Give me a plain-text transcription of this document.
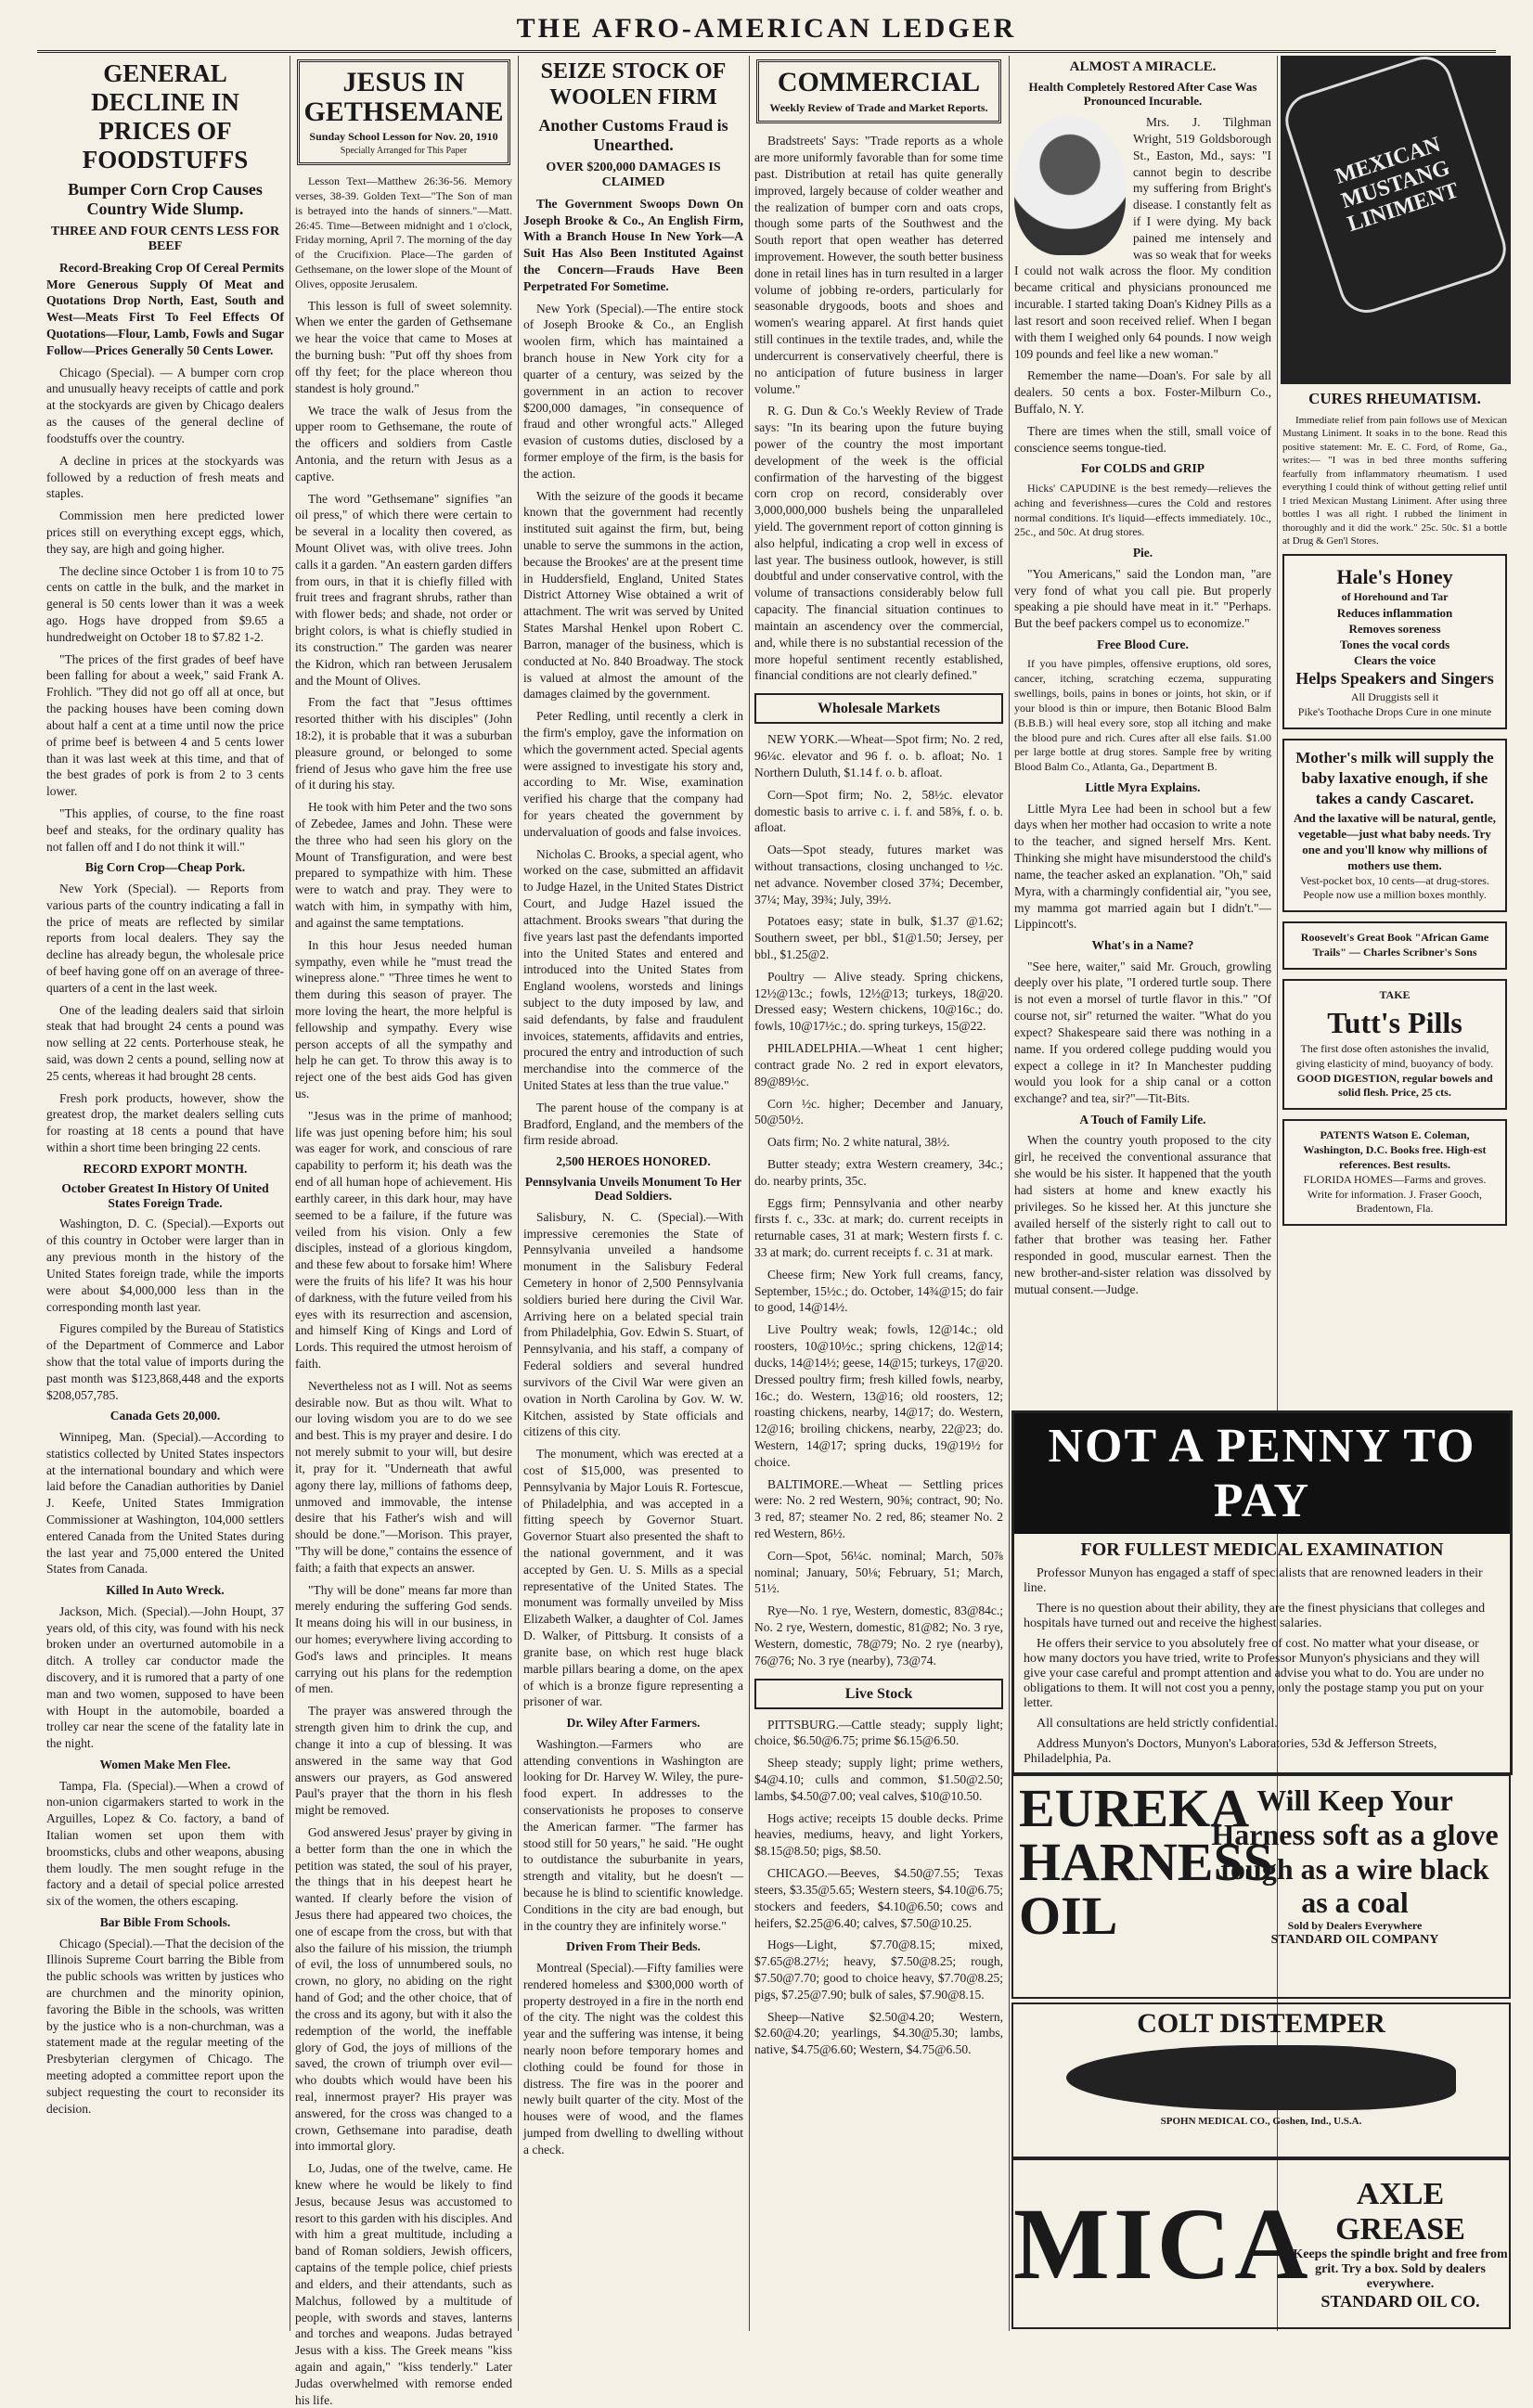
THE AFRO-AMERICAN LEDGER
GENERAL DECLINE IN PRICES OF FOODSTUFFS
Bumper Corn Crop Causes Country Wide Slump.
THREE AND FOUR CENTS LESS FOR BEEF

Record-Breaking Crop Of Cereal Permits More Generous Supply Of Meat and Quotations Drop North, East, South and West—Meats First To Feel Effects Of Quotations—Flour, Lamb, Fowls and Sugar Follow—Prices Generally 50 Cents Lower.

Chicago (Special). — A bumper corn crop and unusually heavy receipts of cattle and pork at the stockyards are given by Chicago dealers as the causes of the general decline of foodstuffs over the country.

A decline in prices at the stockyards was followed by a reduction of fresh meats and staples.

Commission men here predicted lower prices still on everything except eggs, which, they say, are high and going higher.

The decline since October 1 is from 10 to 75 cents on cattle in the bulk, and the market in general is 50 cents lower than it was a week ago. Hogs have dropped from $9.65 a hundredweight on October 18 to $7.82 1-2.

"The prices of the first grades of beef have been falling for about a week," said Frank A. Frohlich. "They did not go off all at once, but the packing houses have been coming down about half a cent at a time until now the price of prime beef is between 4 and 5 cents lower than it was last week at this time, and that of the best grades of pork is from 2 to 3 cents lower.

"This applies, of course, to the fine roast beef and steaks, for the ordinary quality has not fallen off and I do not think it will."

Big Corn Crop—Cheap Pork.

New York (Special). — Reports from various parts of the country indicating a fall in the price of meats are reflected by similar reports from local dealers. They say the decline has already begun, the wholesale price of beef having gone off on an average of three-quarters of a cent in the last week.

One of the leading dealers said that sirloin steak that had brought 24 cents a pound was now selling at 22 cents. Porterhouse steak, he said, was down 2 cents a pound, selling now at 25 cents, whereas it had brought 28 cents.

Fresh pork products, however, show the greatest drop, the market dealers selling cuts for roasting at 18 cents a pound that have within a short time been bringing 22 cents.

RECORD EXPORT MONTH.
October Greatest In History Of United States Foreign Trade.

Washington, D. C. (Special).—Exports out of this country in October were larger than in any previous month in the history of the United States foreign trade, while the imports were about $4,000,000 less than in the corresponding month last year.

Figures compiled by the Bureau of Statistics of the Department of Commerce and Labor show that the total value of imports during the past month was $123,868,448 and the exports $208,057,785.

Canada Gets 20,000.

Winnipeg, Man. (Special).—According to statistics collected by United States inspectors at the international boundary and which were laid before the Canadian authorities by Daniel J. Keefe, United States Immigration Commissioner at Washington, 104,000 settlers entered Canada from the United States during the last year and 75,000 entered the United States from Canada.

Killed In Auto Wreck.

Jackson, Mich. (Special).—John Houpt, 37 years old, of this city, was found with his neck broken under an overturned automobile in a ditch. A trolley car conductor made the discovery, and it is rumored that a party of one man and two women, supposed to have been with Houpt in the automobile, boarded a trolley car near the scene of the fatality late in the night.

Women Make Men Flee.

Tampa, Fla. (Special).—When a crowd of non-union cigarmakers started to work in the Arguilles, Lopez & Co. factory, a band of Italian women set upon them with broomsticks, clubs and other weapons, abusing them loudly. The men sought refuge in the factory and a detail of special police arrested six of the women, the others escaping.

Bar Bible From Schools.

Chicago (Special).—That the decision of the Illinois Supreme Court barring the Bible from the public schools was written by justices who are churchmen and the minority opinion, favoring the Bible in the schools, was written by the justice who is a non-churchman, was a statement made at the regular meeting of the Presbyterian clergymen of Chicago. The meeting adopted a committee report upon the subject requesting the court to reconsider its decision.

JESUS IN GETHSEMANE
Sunday School Lesson for Nov. 20, 1910
Specially Arranged for This Paper

Lesson Text—Matthew 26:36-56. Memory verses, 38-39. Golden Text—"The Son of man is betrayed into the hands of sinners."—Matt. 26:45. Time—Between midnight and 1 o'clock, Friday morning, April 7. The morning of the day of the Crucifixion. Place—The garden of Gethsemane, on the lower slope of the Mount of Olives, opposite Jerusalem.

This lesson is full of sweet solemnity. When we enter the garden of Gethsemane we hear the voice that came to Moses at the burning bush: "Put off thy shoes from off thy feet; for the place whereon thou standest is holy ground."

We trace the walk of Jesus from the upper room to Gethsemane, the route of the officers and soldiers from Castle Antonia, and the return with Jesus as a captive.

The word "Gethsemane" signifies "an oil press," of which there were certain to be several in a locality then covered, as Mount Olivet was, with olive trees. John calls it a garden. "An eastern garden differs from ours, in that it is chiefly filled with fruit trees and fragrant shrubs, rather than with flower beds; and shade, not order or bright colors, is what is chiefly studied in its construction." The garden was nearer the Kidron, which ran between Jerusalem and the Mount of Olives.

From the fact that "Jesus ofttimes resorted thither with his disciples" (John 18:2), it is probable that it was a suburban pleasure ground, or belonged to some friend of Jesus who gave him the free use of it during his stay.

He took with him Peter and the two sons of Zebedee, James and John. These were the three who had seen his glory on the Mount of Transfiguration, and were best prepared to sympathize with him. These were to watch and pray. They were to watch with him, in sympathy with him, and against the same temptations.

In this hour Jesus needed human sympathy, even while he "must tread the winepress alone." "Three times he went to them during this season of prayer. The more loving the heart, the more helpful is fellowship and sympathy. Every wise person accepts of all the sympathy and help he can get. To throw this away is to reject one of the best aids God has given us.

"Jesus was in the prime of manhood; life was just opening before him; his soul was eager for work, and conscious of rare capability to perform it; his death was the end of all human hope of achievement. His earthly career, in this dark hour, may have seemed to be a failure, if the future was veiled from his vision. Only a few disciples, instead of a glorious kingdom, and these few about to forsake him! Where were the fruits of his life? It was his hour of darkness, with the future veiled from his eyes with its resurrection and ascension, and himself King of Kings and Lord of Lords. This required the utmost heroism of faith.

Nevertheless not as I will. Not as seems desirable now. But as thou wilt. What to our loving wisdom you are to do we see and best. This is my prayer and desire. I do not merely submit to your will, but desire it, pray for it. "Underneath that awful agony there lay, millions of fathoms deep, unmoved and immovable, the intense desire that his Father's wish and will should be done."—Morison. This prayer, "Thy will be done," contains the essence of faith; a faith that expects an answer.

"Thy will be done" means far more than merely enduring the suffering God sends. It means doing his will in our business, in our homes; everywhere living according to God's laws and principles. It means carrying out his plans for the redemption of men.

The prayer was answered through the strength given him to drink the cup, and change it into a cup of blessing. It was answered in the same way that God answers our prayers, as God answered Paul's prayer that the thorn in his flesh might be removed.

God answered Jesus' prayer by giving in a better form than the one in which the petition was stated, the soul of his prayer, the things that in his deepest heart he wanted. If clearly before the vision of Jesus there had appeared two choices, the one of escape from the cross, but with that also the failure of his mission, the triumph of evil, the loss of unnumbered souls, no crown, no glory, no abiding on the right hand of God; and the other choice, that of the cross and its agony, but with it also the redemption of the world, the ineffable glory of God, the joys of millions of the saved, the crown of triumph over evil—who doubts which would have been his real, innermost prayer? His prayer was answered, for the cross was changed to a crown, Gethsemane into paradise, death into immortal glory.

Lo, Judas, one of the twelve, came. He knew where he would be likely to find Jesus, because Jesus was accustomed to resort to this garden with his disciples. And with him a great multitude, including a band of Roman soldiers, Jewish officers, captains of the temple police, chief priests and elders, and their attendants, such as Malchus, followed by a multitude of people, with swords and staves, lanterns and torches and weapons. Judas betrayed Jesus with a kiss. The Greek means "kiss again and again," "kiss tenderly." Later Judas overwhelmed with remorse ended his life.

SEIZE STOCK OF WOOLEN FIRM
Another Customs Fraud is Unearthed.
OVER $200,000 DAMAGES IS CLAIMED

The Government Swoops Down On Joseph Brooke & Co., An English Firm, With a Branch House In New York—A Suit Has Also Been Instituted Against the Concern—Frauds Have Been Perpetrated For Sometime.

New York (Special).—The entire stock of Joseph Brooke & Co., an English woolen firm, which has maintained a branch house in New York city for a quarter of a century, was seized by the government in an action to recover $200,000 damages, "in consequence of fraud and other wrongful acts." Alleged evasion of customs duties, disclosed by a former employe of the firm, is the basis for the action.

With the seizure of the goods it became known that the government had recently instituted suit against the firm, but, being unable to serve the summons in the action, because the Brookes' are at the present time in Huddersfield, England, United States District Attorney Wise obtained a writ of attachment. The writ was served by United States Marshal Henkel upon Robert C. Barron, manager of the business, which is conducted at No. 840 Broadway. The stock is valued at almost the amount of the damages claimed by the government.

Peter Redling, until recently a clerk in the firm's employ, gave the information on which the government acted. Special agents were assigned to investigate his story and, according to Mr. Wise, examination verified his charge that the company had for years cheated the government by undervaluation of goods and false invoices.

Nicholas C. Brooks, a special agent, who worked on the case, submitted an affidavit to Judge Hazel, in the United States District Court, and Judge Hazel issued the attachment. Brooks swears "that during the five years last past the defendants imported into the United States and entered and introduced into the United States from England woolens, worsteds and linings subject to the duty imposed by law, and said defendants, by false and fraudulent invoices, statements, affidavits and entries, procured the entry and introduction of such merchandise into the commerce of the United States at less than the true value."

The parent house of the company is at Bradford, England, and the members of the firm reside abroad.

2,500 HEROES HONORED.
Pennsylvania Unveils Monument To Her Dead Soldiers.

Salisbury, N. C. (Special).—With impressive ceremonies the State of Pennsylvania unveiled a handsome monument in the Salisbury Federal Cemetery in honor of 2,500 Pennsylvania soldiers buried here during the Civil War. Arriving here on a belated special train from Philadelphia, Gov. Edwin S. Stuart, of Pennsylvania, and his staff, a company of Federal soldiers and several hundred survivors of the Civil War were given an ovation in North Carolina by Gov. W. W. Kitchen, assisted by State officials and citizens of this city.

The monument, which was erected at a cost of $15,000, was presented to Pennsylvania by Major Louis R. Fortescue, of Philadelphia, and was accepted in a fitting speech by Governor Stuart. Governor Stuart also presented the shaft to the national government, and it was accepted by Gen. U. S. Mills as a special representative of the United States. The monument was formally unveiled by Miss Elizabeth Walker, a daughter of Col. James D. Walker, of Pittsburg. It consists of a granite base, on which rest huge black marble pillars bearing a dome, on the apex of which is a bronze figure representing a prisoner of war.

Dr. Wiley After Farmers.

Washington.—Farmers who are attending conventions in Washington are looking for Dr. Harvey W. Wiley, the pure-food expert. In addresses to the conservationists he proposes to conserve the American farmer. "The farmer has stood still for 50 years," he said. "He ought to outdistance the suburbanite in years, strength and vitality, but he doesn't —because he is blind to scientific knowledge. Conditions in the city are bad enough, but in the country they are infinitely worse."

Driven From Their Beds.

Montreal (Special).—Fifty families were rendered homeless and $300,000 worth of property destroyed in a fire in the north end of the city. The night was the coldest this year and the suffering was intense, it being nearly noon before temporary homes and clothing could be found for those in distress. The fire was in the poorer and newly built quarter of the city. Most of the houses were of wood, and the flames jumped from dwelling to dwelling without a check.

COMMERCIAL
Weekly Review of Trade and Market Reports.

Bradstreets' Says: "Trade reports as a whole are more uniformly favorable than for some time past. Distribution at retail has quite generally improved, largely because of colder weather and the realization of bumper corn and oats crops, though some parts of the Southwest and the South report that open weather has deterred improvement. However, the south better business done in retail lines has in turn resulted in a larger volume of jobbing re-orders, particularly for seasonable drygoods, boots and shoes and women's wearing apparel. At first hands quiet still continues in the textile trades, and, while the undercurrent is conservatively cheerful, there is no anticipation of future business in larger volume."

R. G. Dun & Co.'s Weekly Review of Trade says: "In its bearing upon the future buying power of the country the most important development of the week is the official confirmation of the harvesting of the biggest corn crop on record, considerably over 3,000,000,000 bushels being the unparalleled yield. The government report of cotton ginning is also helpful, indicating a crop well in excess of last year. The business outlook, however, is still doubtful and under conservative control, with the volume of transactions considerably below full capacity. The financial situation continues to maintain an ascendency over the commercial, and, while there is no substantial recession of the more hopeful sentiment recently established, financial conditions are not clearly defined."

Wholesale Markets

NEW YORK.—Wheat—Spot firm; No. 2 red, 96¼c. elevator and 96 f. o. b. afloat; No. 1 Northern Duluth, $1.14 f. o. b. afloat.

Corn—Spot firm; No. 2, 58½c. elevator domestic basis to arrive c. i. f. and 58⅝, f. o. b. afloat.

Oats—Spot steady, futures market was without transactions, closing unchanged to ½c. net advance. November closed 37¾; December, 37¼; May, 39¾; July, 39½.

Potatoes easy; state in bulk, $1.37 @1.62; Southern sweet, per bbl., $1@1.50; Jersey, per bbl., $1.25@2.

Poultry — Alive steady. Spring chickens, 12½@13c.; fowls, 12½@13; turkeys, 18@20. Dressed easy; Western chickens, 10@16c.; do. fowls, 10@17½c.; do. spring turkeys, 15@22.

PHILADELPHIA.—Wheat 1 cent higher; contract grade No. 2 red in export elevators, 89@89½c.

Corn ½c. higher; December and January, 50@50½.

Oats firm; No. 2 white natural, 38½.

Butter steady; extra Western creamery, 34c.; do. nearby prints, 35c.

Eggs firm; Pennsylvania and other nearby firsts f. c., 33c. at mark; do. current receipts in returnable cases, 31 at mark; Western firsts f. c. 33 at mark; do. current receipts f. c. 31 at mark.

Cheese firm; New York full creams, fancy, September, 15½c.; do. October, 14¾@15; do fair to good, 14@14½.

Live Poultry weak; fowls, 12@14c.; old roosters, 10@10½c.; spring chickens, 12@14; ducks, 14@14½; geese, 14@15; turkeys, 17@20. Dressed poultry firm; fresh killed fowls, nearby, 16c.; do. Western, 13@16; old roosters, 12; roasting chickens, nearby, 14@17; do. Western, 12@16; broiling chickens, nearby, 22@23; do. Western, 14@17; spring ducks, 19@19½ for choice.

BALTIMORE.—Wheat — Settling prices were: No. 2 red Western, 90⅝; contract, 90; No. 3 red, 87; steamer No. 2 red, 86; steamer No. 2 red Western, 86½.

Corn—Spot, 56¼c. nominal; March, 50⅞ nominal; January, 50⅛; February, 51; March, 51½.

Rye—No. 1 rye, Western, domestic, 83@84c.; No. 2 rye, Western, domestic, 81@82; No. 3 rye, Western, domestic, 78@79; No. 2 rye (nearby), 76@76; No. 3 rye (nearby), 73@74.

Live Stock

PITTSBURG.—Cattle steady; supply light; choice, $6.50@6.75; prime $6.15@6.50.

Sheep steady; supply light; prime wethers, $4@4.10; culls and common, $1.50@2.50; lambs, $4.50@7.00; veal calves, $10@10.50.

Hogs active; receipts 15 double decks. Prime heavies, mediums, heavy, and light Yorkers, $8.15@8.50; pigs, $8.50.

CHICAGO.—Beeves, $4.50@7.55; Texas steers, $3.35@5.65; Western steers, $4.10@6.75; stockers and feeders, $4.10@6.50; cows and heifers, $2.25@6.40; calves, $7.50@10.25.

Hogs—Light, $7.70@8.15; mixed, $7.65@8.27½; heavy, $7.50@8.25; rough, $7.50@7.70; good to choice heavy, $7.70@8.25; pigs, $7.25@7.90; bulk of sales, $7.90@8.15.

Sheep—Native $2.50@4.20; Western, $2.60@4.20; yearlings, $4.30@5.30; lambs, native, $4.75@6.60; Western, $4.75@6.50.

ALMOST A MIRACLE.
Health Completely Restored After Case Was Pronounced Incurable.

Mrs. J. Tilghman Wright, 519 Goldsborough St., Easton, Md., says: "I cannot begin to describe my suffering from Bright's disease. I constantly felt as if I were dying. My back pained me intensely and was so weak that for weeks I could not walk across the floor. My condition became critical and physicians pronounced me incurable. I started taking Doan's Kidney Pills as a last resort and soon received relief. When I began with them I weighed only 64 pounds. I now weigh 109 pounds and feel like a new woman."

Remember the name—Doan's. For sale by all dealers. 50 cents a box. Foster-Milburn Co., Buffalo, N. Y.

There are times when the still, small voice of conscience seems tongue-tied.

For COLDS and GRIP

Hicks' CAPUDINE is the best remedy—relieves the aching and feverishness—cures the Cold and restores normal conditions. It's liquid—effects immediately. 10c., 25c., and 50c. At drug stores.

Pie.

"You Americans," said the London man, "are very fond of what you call pie. But properly speaking a pie should have meat in it." "Perhaps. But the beef packers compel us to economize."

Free Blood Cure.

If you have pimples, offensive eruptions, old sores, cancer, itching, scratching eczema, suppurating swellings, boils, pains in bones or joints, hot skin, or if your blood is thin or impure, then Botanic Blood Balm (B.B.B.) will heal every sore, stop all itching and make the blood pure and rich. Cures after all else fails. $1.00 per large bottle at drug stores. Sample free by writing Blood Balm Co., Atlanta, Ga., Department B.

Little Myra Explains.

Little Myra Lee had been in school but a few days when her mother had occasion to write a note to the teacher, and signed herself Mrs. Kent. Thinking she might have misunderstood the child's name, the teacher asked an explanation. "Oh," said Myra, with a charmingly confidential air, "you see, my mamma got married again but I didn't."—Lippincott's.

What's in a Name?

"See here, waiter," said Mr. Grouch, growling deeply over his plate, "I ordered turtle soup. There is not even a morsel of turtle flavor in this." "Of course not, sir" returned the waiter. "What do you expect? Shakespeare said there was nothing in a name. If you ordered college pudding would you expect a college in it? In Manchester pudding would you look for a ship canal or a cotton exchange? and tea, sir?"—Tit-Bits.

A Touch of Family Life.

When the country youth proposed to the city girl, he received the conventional assurance that she would be his sister. It happened that the youth had sisters at home and knew exactly his privileges. So he kissed her. At this juncture she availed herself of the sisterly right to call out to father that brother was teasing her. Father responded in good, muscular earnest. Then the new brother-and-sister relation was dissolved by mutual consent.—Judge.

MEXICAN MUSTANG LINIMENT
CURES RHEUMATISM.

Immediate relief from pain follows use of Mexican Mustang Liniment. It soaks in to the bone. Read this positive statement: Mr. E. C. Ford, of Rome, Ga., writes:— "I was in bed three months suffering fearfully from inflammatory rheumatism. I used everything I could think of without getting relief until I tried Mexican Mustang Liniment. After using three bottles I was all right. I rubbed the liniment in thoroughly and it did the work." 25c. 50c. $1 a bottle at Drug & Gen'l Stores.

Hale's Honey
of Horehound and Tar
Reduces inflammation
Removes soreness
Tones the vocal cords
Clears the voice
Helps Speakers and Singers
All Druggists sell it
Pike's Toothache Drops Cure in one minute
Mother's milk will supply the baby laxative enough, if she takes a candy Cascaret.
And the laxative will be natural, gentle, vegetable—just what baby needs. Try one and you'll know why millions of mothers use them.
Vest-pocket box, 10 cents—at drug-stores. People now use a million boxes monthly.
Roosevelt's Great Book "African Game Trails" — Charles Scribner's Sons
TAKE
Tutt's Pills
The first dose often astonishes the invalid, giving elasticity of mind, buoyancy of body.
GOOD DIGESTION, regular bowels and solid flesh. Price, 25 cts.
PATENTS Watson E. Coleman, Washington, D.C. Books free. High-est references. Best results.
FLORIDA HOMES—Farms and groves. Write for information. J. Fraser Gooch, Bradentown, Fla.
NOT A PENNY TO PAY
FOR FULLEST MEDICAL EXAMINATION

Professor Munyon has engaged a staff of specialists that are renowned leaders in their line.

There is no question about their ability, they are the finest physicians that colleges and hospitals have turned out and receive the highest salaries.

He offers their service to you absolutely free of cost. No matter what your disease, or how many doctors you have tried, write to Professor Munyon's physicians and they will give your case careful and prompt attention and advise you what to do. You are under no obligations to them. It will not cost you a penny, only the postage stamp you put on your letter.

All consultations are held strictly confidential.

Address Munyon's Doctors, Munyon's Laboratories, 53d & Jefferson Streets, Philadelphia, Pa.

EUREKA HARNESS OIL
Will Keep Your Harness soft as a glove tough as a wire black as a coal
Sold by Dealers Everywhere
STANDARD OIL COMPANY
COLT DISTEMPER
SPOHN MEDICAL CO., Goshen, Ind., U.S.A.
MICA	AXLE GREASE
Keeps the spindle bright and free from grit. Try a box. Sold by dealers everywhere.
STANDARD OIL CO.
